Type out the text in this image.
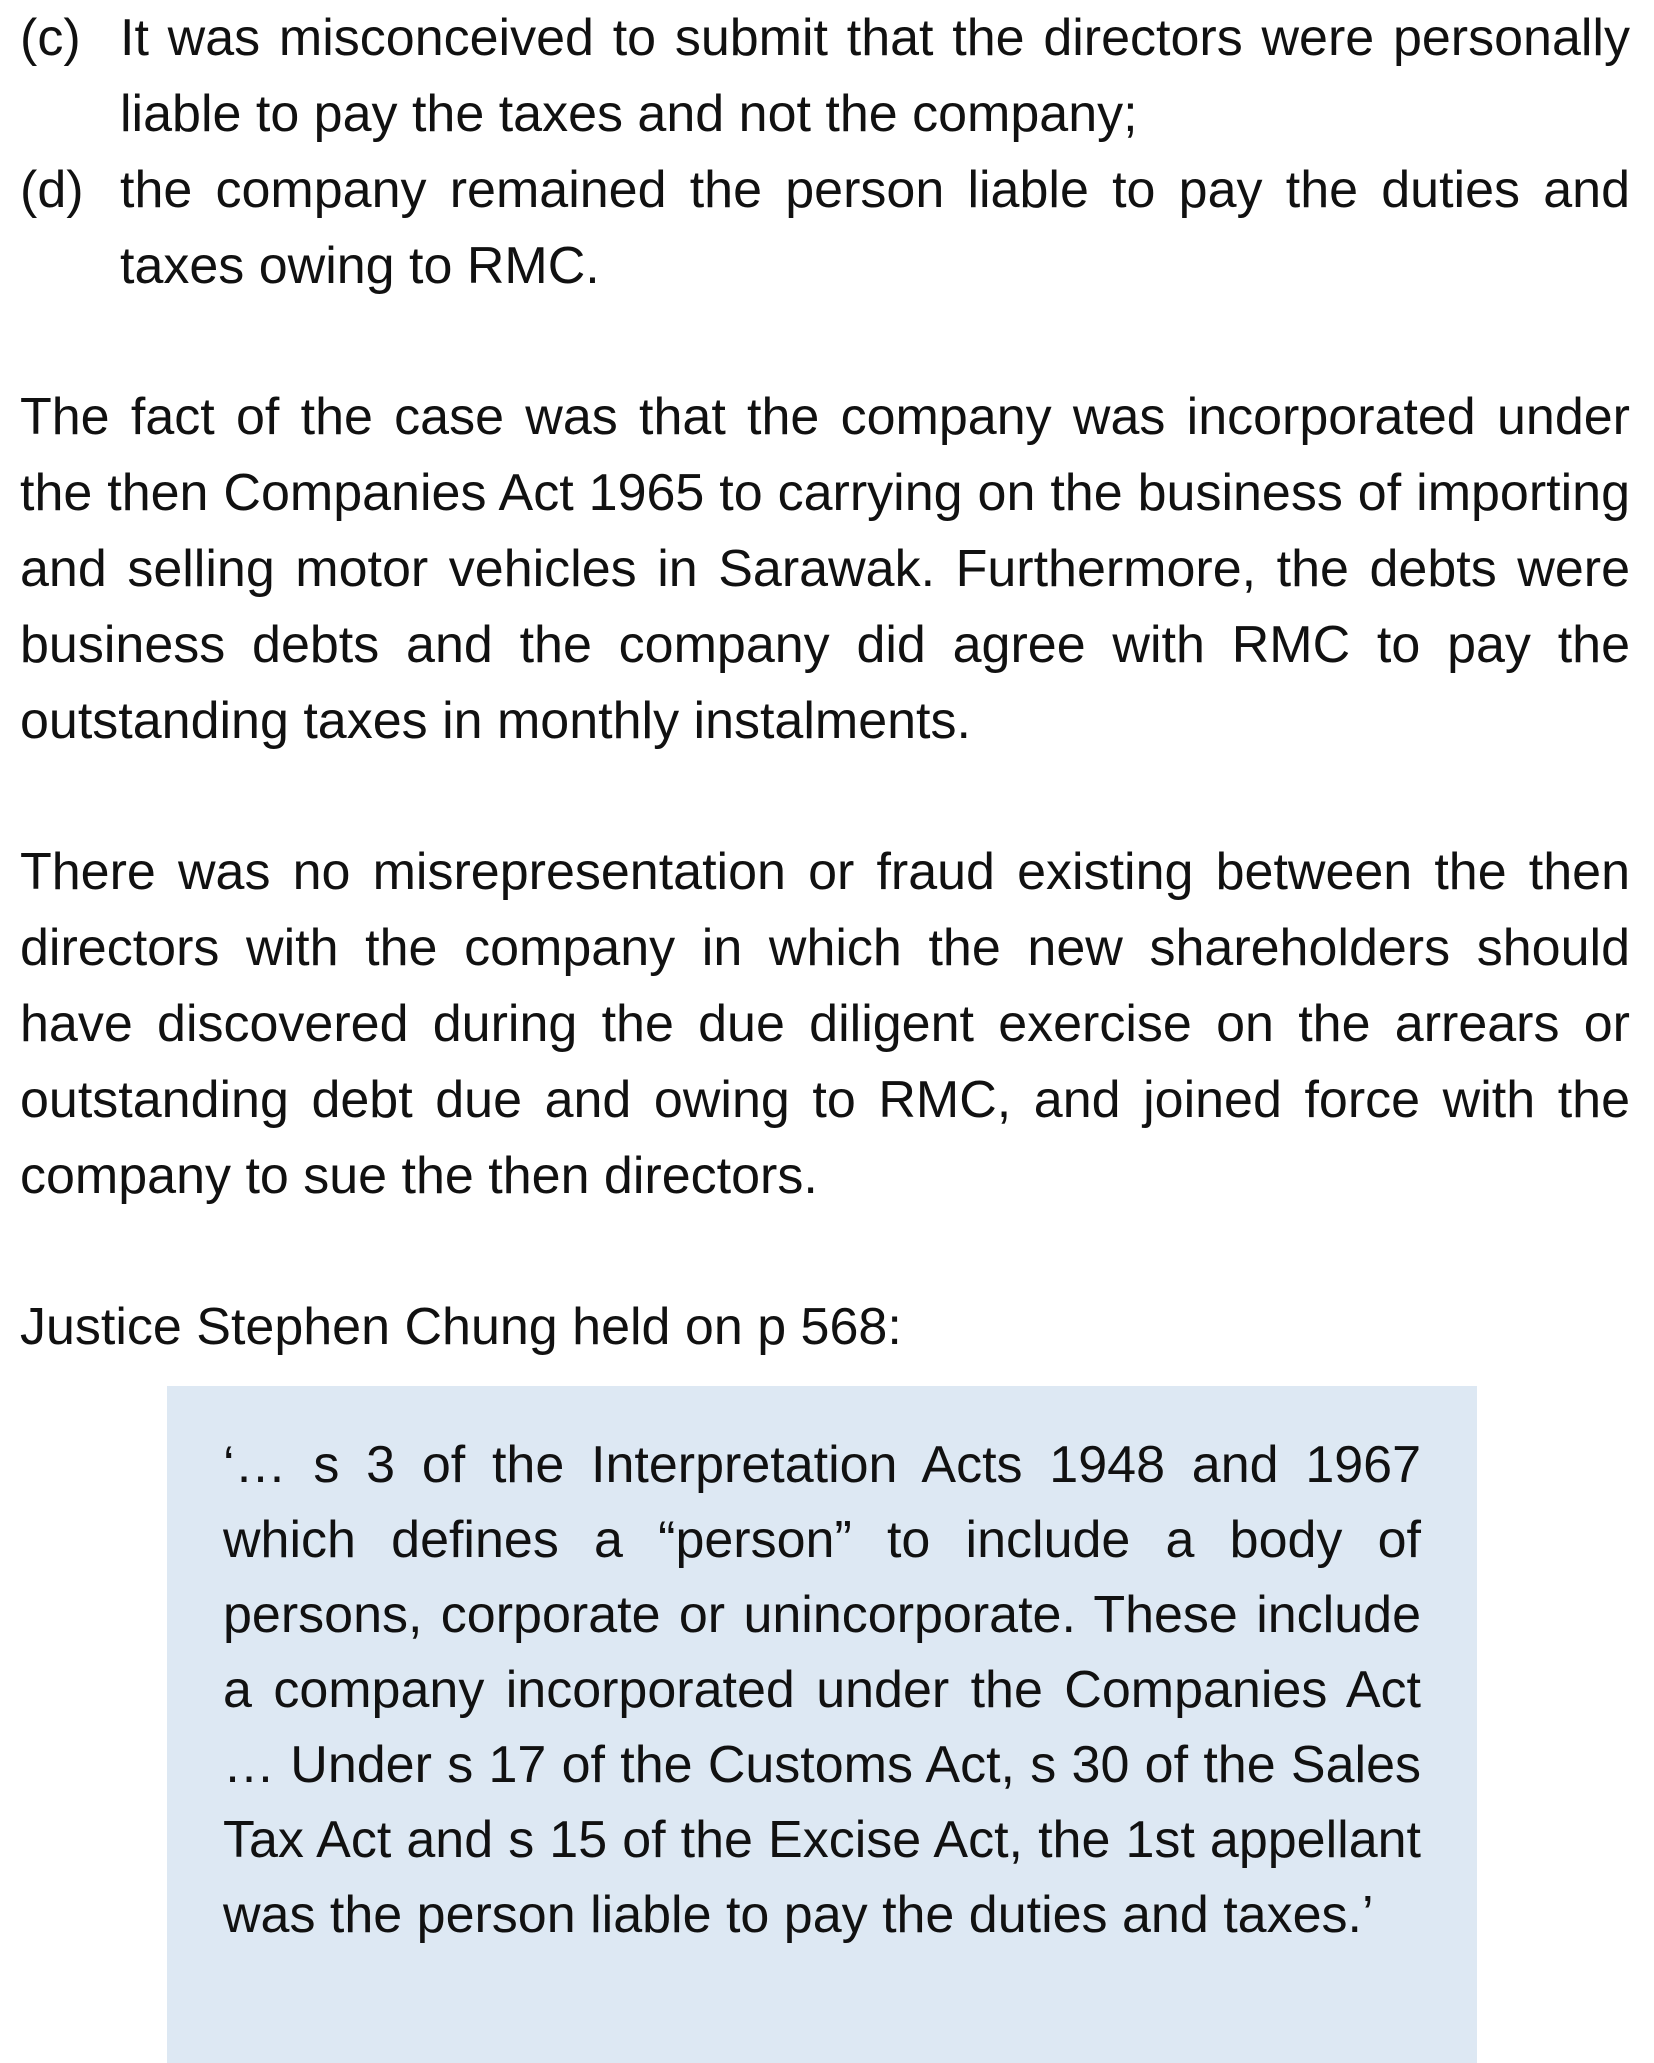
(c) It was misconceived to submit that the directors were personally liable to pay the taxes and not the company;
(d) the company remained the person liable to pay the duties and taxes owing to RMC.

The fact of the case was that the company was incorporated under the then Companies Act 1965 to carrying on the business of importing and selling motor vehicles in Sarawak. Furthermore, the debts were business debts and the company did agree with RMC to pay the outstanding taxes in monthly instalments.

There was no misrepresentation or fraud existing between the then directors with the company in which the new shareholders should have discovered during the due diligent exercise on the arrears or outstanding debt due and owing to RMC, and joined force with the company to sue the then directors.

Justice Stephen Chung held on p 568:

‘… s 3 of the Interpretation Acts 1948 and 1967 which defines a “person” to include a body of persons, corporate or unincorporate. These include a company incorporated under the Companies Act … Under s 17 of the Customs Act, s 30 of the Sales Tax Act and s 15 of the Excise Act, the 1st appellant was the person liable to pay the duties and taxes.’
